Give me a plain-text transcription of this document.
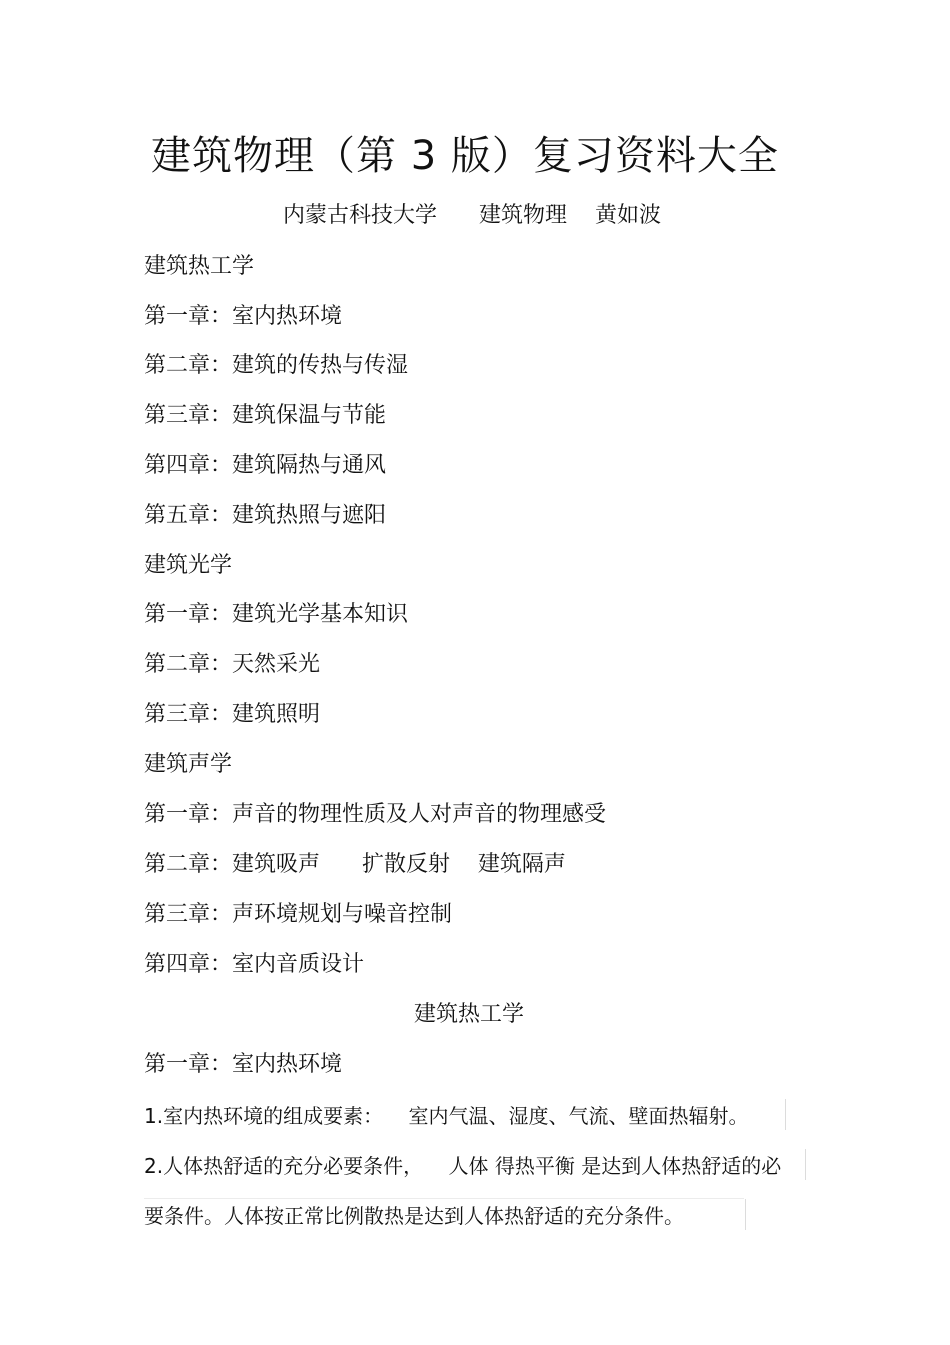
建筑物理（第 3 版）复习资料大全
内蒙古科技大学      建筑物理    黄如波
建筑热工学
第一章：室内热环境
第二章：建筑的传热与传湿
第三章：建筑保温与节能
第四章：建筑隔热与通风
第五章：建筑热照与遮阳
建筑光学
第一章：建筑光学基本知识
第二章：天然采光
第三章：建筑照明
建筑声学
第一章：声音的物理性质及人对声音的物理感受
第二章：建筑吸声      扩散反射    建筑隔声
第三章：声环境规划与噪音控制
第四章：室内音质设计
建筑热工学
第一章：室内热环境
1.室内热环境的组成要素：    室内气温、湿度、气流、壁面热辐射。
2.人体热舒适的充分必要条件，    人体 得热平衡 是达到人体热舒适的必
要条件。人体按正常比例散热是达到人体热舒适的充分条件。
